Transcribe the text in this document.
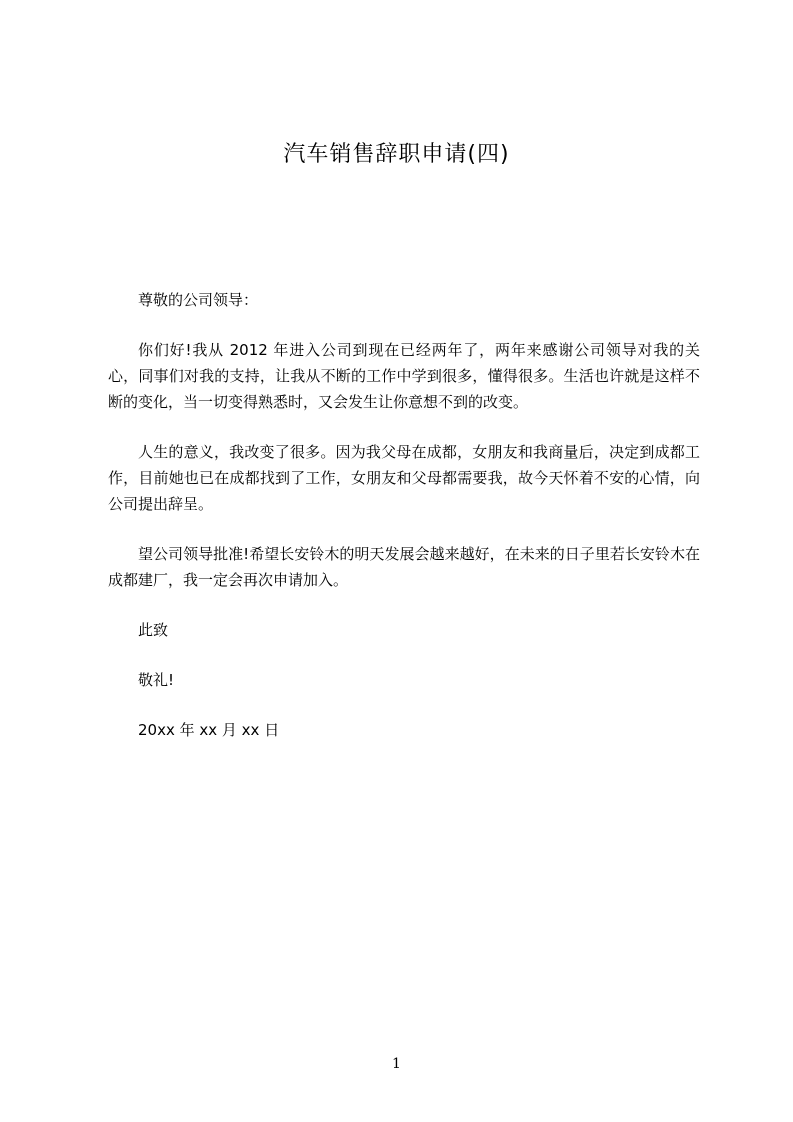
汽车销售辞职申请(四)

尊敬的公司领导：

你们好!我从 2012 年进入公司到现在已经两年了，两年来感谢公司领导对我的关心，同事们对我的支持，让我从不断的工作中学到很多，懂得很多。生活也许就是这样不断的变化，当一切变得熟悉时，又会发生让你意想不到的改变。

人生的意义，我改变了很多。因为我父母在成都，女朋友和我商量后，决定到成都工作，目前她也已在成都找到了工作，女朋友和父母都需要我，故今天怀着不安的心情，向公司提出辞呈。

望公司领导批准!希望长安铃木的明天发展会越来越好，在未来的日子里若长安铃木在成都建厂，我一定会再次申请加入。

此致

敬礼!

20xx 年 xx 月 xx 日

1
